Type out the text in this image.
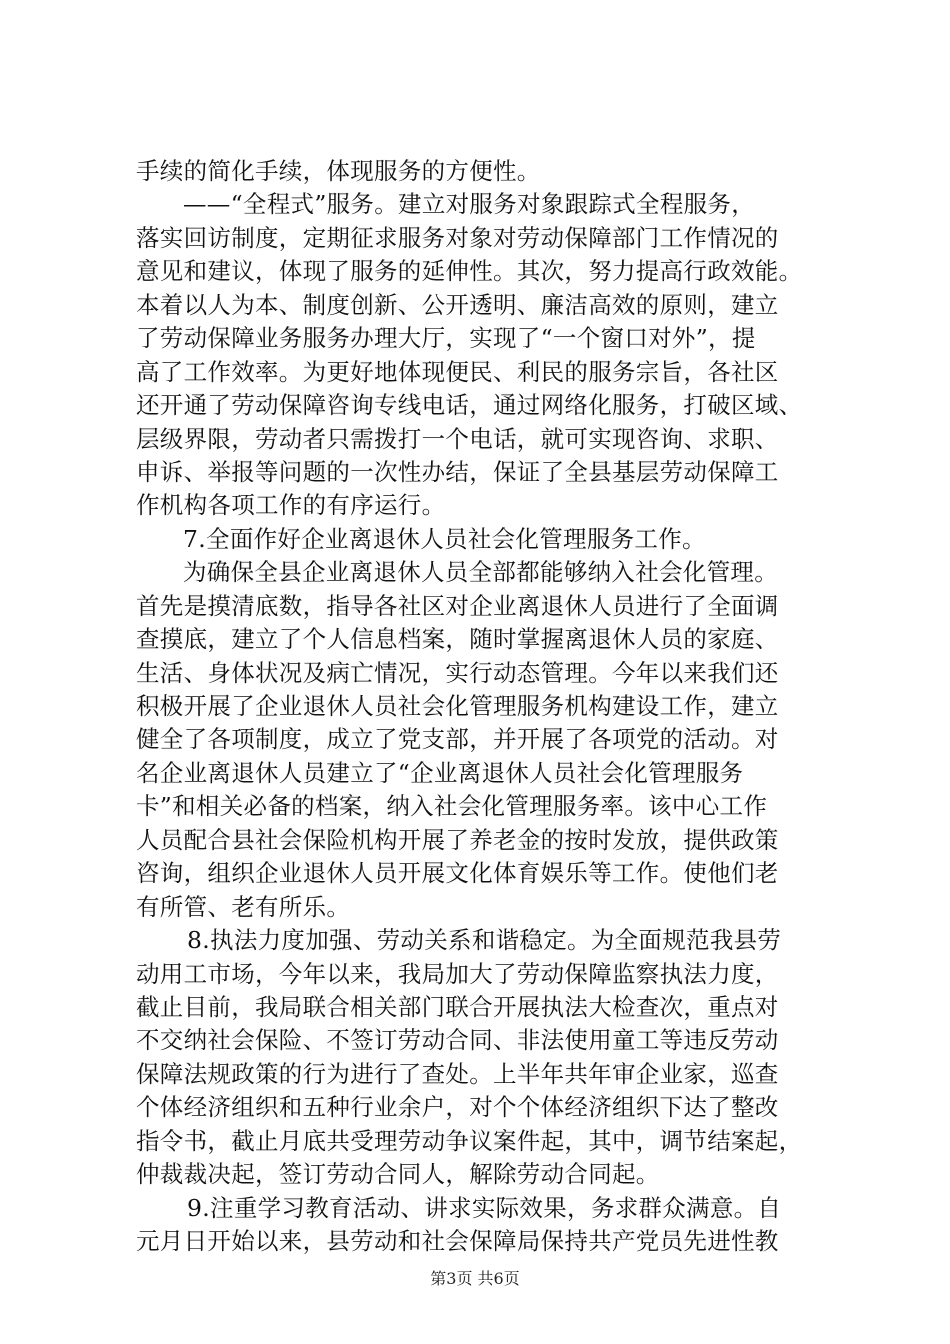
手续的简化手续，体现服务的方便性。
——“全程式”服务。建立对服务对象跟踪式全程服务，
落实回访制度，定期征求服务对象对劳动保障部门工作情况的
意见和建议，体现了服务的延伸性。其次，努力提高行政效能。
本着以人为本、制度创新、公开透明、廉洁高效的原则，建立
了劳动保障业务服务办理大厅，实现了“一个窗口对外”，提
高了工作效率。为更好地体现便民、利民的服务宗旨，各社区
还开通了劳动保障咨询专线电话，通过网络化服务，打破区域、
层级界限，劳动者只需拨打一个电话，就可实现咨询、求职、
申诉、举报等问题的一次性办结，保证了全县基层劳动保障工
作机构各项工作的有序运行。
7.全面作好企业离退休人员社会化管理服务工作。
为确保全县企业离退休人员全部都能够纳入社会化管理。
首先是摸清底数，指导各社区对企业离退休人员进行了全面调
查摸底，建立了个人信息档案，随时掌握离退休人员的家庭、
生活、身体状况及病亡情况，实行动态管理。今年以来我们还
积极开展了企业退休人员社会化管理服务机构建设工作，建立
健全了各项制度，成立了党支部，并开展了各项党的活动。对
名企业离退休人员建立了“企业离退休人员社会化管理服务
卡”和相关必备的档案，纳入社会化管理服务率。该中心工作
人员配合县社会保险机构开展了养老金的按时发放，提供政策
咨询，组织企业退休人员开展文化体育娱乐等工作。使他们老
有所管、老有所乐。
8.执法力度加强、劳动关系和谐稳定。为全面规范我县劳
动用工市场，今年以来，我局加大了劳动保障监察执法力度，
截止目前，我局联合相关部门联合开展执法大检查次，重点对
不交纳社会保险、不签订劳动合同、非法使用童工等违反劳动
保障法规政策的行为进行了查处。上半年共年审企业家，巡查
个体经济组织和五种行业余户，对个个体经济组织下达了整改
指令书，截止月底共受理劳动争议案件起，其中，调节结案起，
仲裁裁决起，签订劳动合同人，解除劳动合同起。
9.注重学习教育活动、讲求实际效果，务求群众满意。自
元月日开始以来，县劳动和社会保障局保持共产党员先进性教
第3页 共6页
